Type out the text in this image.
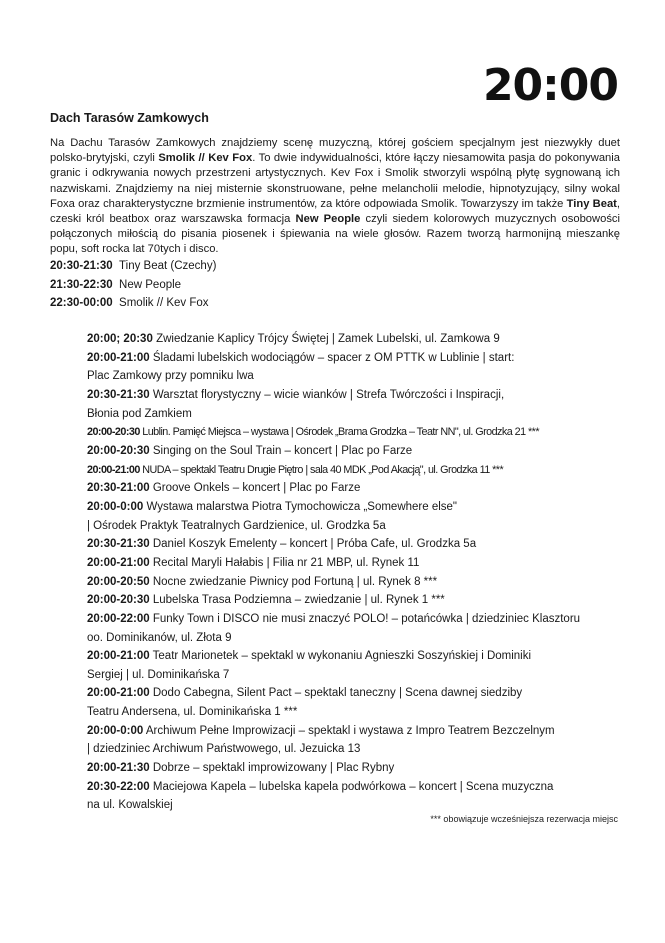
20:00
Dach Tarasów Zamkowych
Na Dachu Tarasów Zamkowych znajdziemy scenę muzyczną, której gościem specjalnym jest niezwykły duet polsko-brytyjski, czyli Smolik // Kev Fox. To dwie indywidualności, które łączy niesamowita pasja do pokonywania granic i odkrywania nowych przestrzeni artystycznych. Kev Fox i Smolik stworzyli wspólną płytę sygnowaną ich nazwiskami. Znajdziemy na niej misternie skonstruowane, pełne melancholii melodie, hipnotyzujący, silny wokal Foxa oraz charakterystyczne brzmienie instrumentów, za które odpowiada Smolik. Towarzyszy im także Tiny Beat, czeski król beatbox oraz warszawska formacja New People czyli siedem kolorowych muzycznych osobowości połączonych miłością do pisania piosenek i śpiewania na wiele głosów. Razem tworzą harmonijną mieszankę popu, soft rocka lat 70tych i disco.
20:30-21:30 Tiny Beat (Czechy)
21:30-22:30 New People
22:30-00:00 Smolik // Kev Fox
20:00; 20:30 Zwiedzanie Kaplicy Trójcy Świętej | Zamek Lubelski, ul. Zamkowa 9
20:00-21:00 Śladami lubelskich wodociągów – spacer z OM PTTK w Lublinie | start:
Plac Zamkowy przy pomniku lwa
20:30-21:30 Warsztat florystyczny – wicie wianków | Strefa Twórczości i Inspiracji,
Błonia pod Zamkiem
20:00-20:30 Lublin. Pamięć Miejsca – wystawa | Ośrodek „Brama Grodzka – Teatr NN", ul. Grodzka 21 ***
20:00-20:30 Singing on the Soul Train – koncert | Plac po Farze
20:00-21:00 NUDA – spektakl Teatru Drugie Piętro | sala 40 MDK „Pod Akacją", ul. Grodzka 11 ***
20:30-21:00 Groove Onkels – koncert | Plac po Farze
20:00-0:00 Wystawa malarstwa Piotra Tymochowicza „Somewhere else"
| Ośrodek Praktyk Teatralnych Gardzienice, ul. Grodzka 5a
20:30-21:30 Daniel Koszyk Emelenty – koncert | Próba Cafe, ul. Grodzka 5a
20:00-21:00 Recital Maryli Hałabis | Filia nr 21 MBP, ul. Rynek 11
20:00-20:50 Nocne zwiedzanie Piwnicy pod Fortuną | ul. Rynek 8 ***
20:00-20:30 Lubelska Trasa Podziemna – zwiedzanie | ul. Rynek 1 ***
20:00-22:00 Funky Town i DISCO nie musi znaczyć POLO! – potańcówka | dziedziniec Klasztoru
oo. Dominikanów, ul. Złota 9
20:00-21:00 Teatr Marionetek – spektakl w wykonaniu Agnieszki Soszyńskiej i Dominiki
Sergiej | ul. Dominikańska 7
20:00-21:00 Dodo Cabegna, Silent Pact – spektakl taneczny | Scena dawnej siedziby
Teatru Andersena, ul. Dominikańska 1 ***
20:00-0:00 Archiwum Pełne Improwizacji – spektakl i wystawa z Impro Teatrem Bezczelnym
| dziedziniec Archiwum Państwowego, ul. Jezuicka 13
20:00-21:30 Dobrze – spektakl improwizowany | Plac Rybny
20:30-22:00 Maciejowa Kapela – lubelska kapela podwórkowa – koncert | Scena muzyczna
na ul. Kowalskiej
*** obowiązuje wcześniejsza rezerwacja miejsc
